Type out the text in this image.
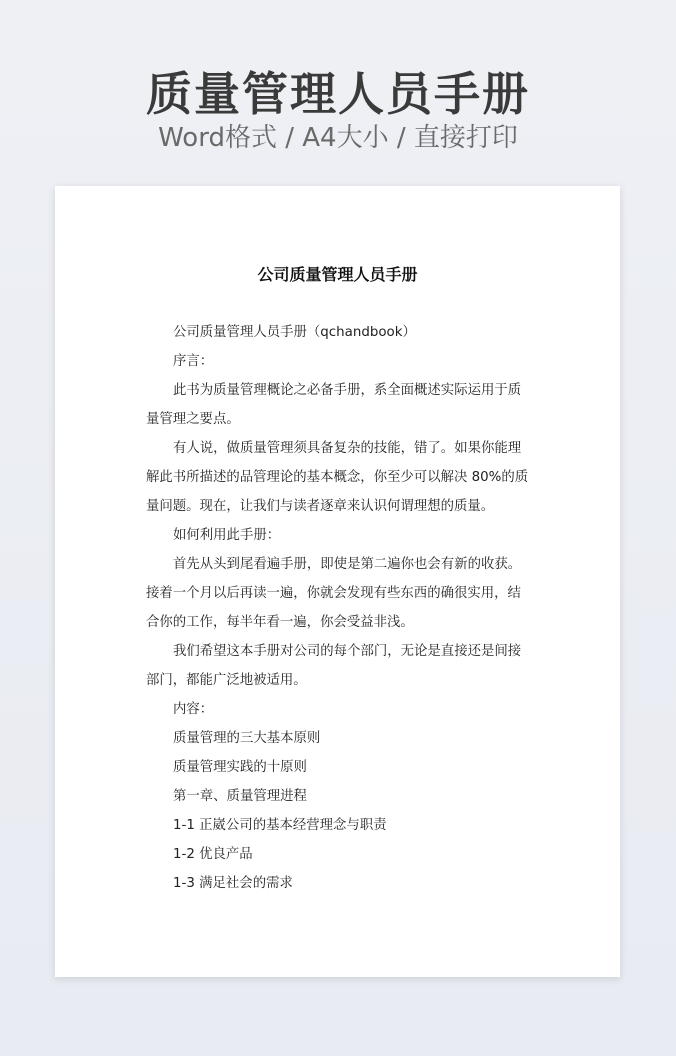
质量管理人员手册
Word格式 / A4大小 / 直接打印
公司质量管理人员手册

公司质量管理人员手册（qchandbook）

序言：

此书为质量管理概论之必备手册，系全面概述实际运用于质量管理之要点。

有人说，做质量管理须具备复杂的技能，错了。如果你能理解此书所描述的品管理论的基本概念，你至少可以解决 80%的质量问题。现在，让我们与读者逐章来认识何谓理想的质量。

如何利用此手册：

首先从头到尾看遍手册，即使是第二遍你也会有新的收获。接着一个月以后再读一遍，你就会发现有些东西的确很实用，结合你的工作，每半年看一遍，你会受益非浅。

我们希望这本手册对公司的每个部门，无论是直接还是间接部门，都能广泛地被适用。

内容：

质量管理的三大基本原则

质量管理实践的十原则

第一章、质量管理进程

1-1 正崴公司的基本经营理念与职责

1-2 优良产品

1-3 满足社会的需求
